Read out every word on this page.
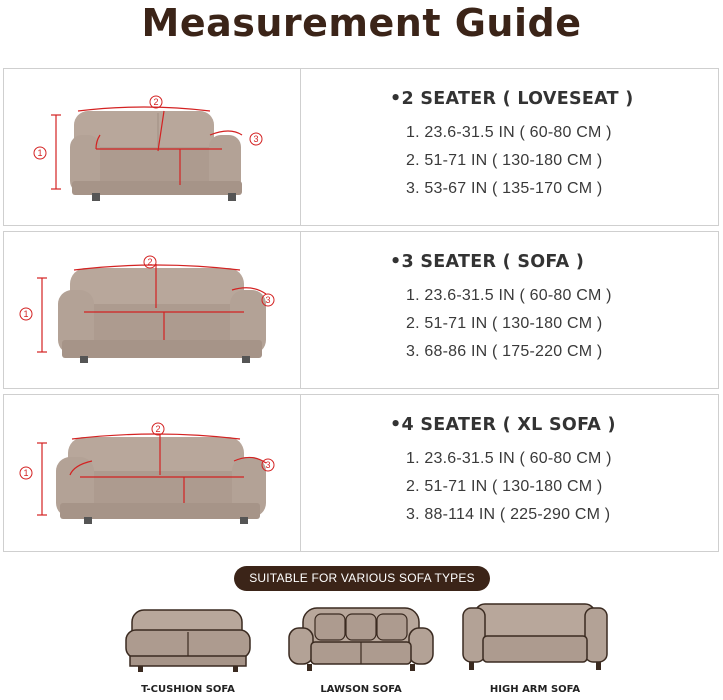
Measurement Guide
1
2
3
•2 SEATER ( LOVESEAT )
1. 23.6-31.5 IN ( 60-80 CM )
2. 51-71 IN ( 130-180 CM )
3. 53-67 IN ( 135-170 CM )
1
2
3
•3 SEATER ( SOFA )
1. 23.6-31.5 IN ( 60-80 CM )
2. 51-71 IN ( 130-180 CM )
3. 68-86 IN ( 175-220 CM )
1
2
3
•4 SEATER ( XL SOFA )
1. 23.6-31.5 IN ( 60-80 CM )
2. 51-71 IN ( 130-180 CM )
3. 88-114 IN ( 225-290 CM )
SUITABLE FOR VARIOUS SOFA TYPES
T-CUSHION SOFA	LAWSON SOFA	HIGH ARM SOFA
